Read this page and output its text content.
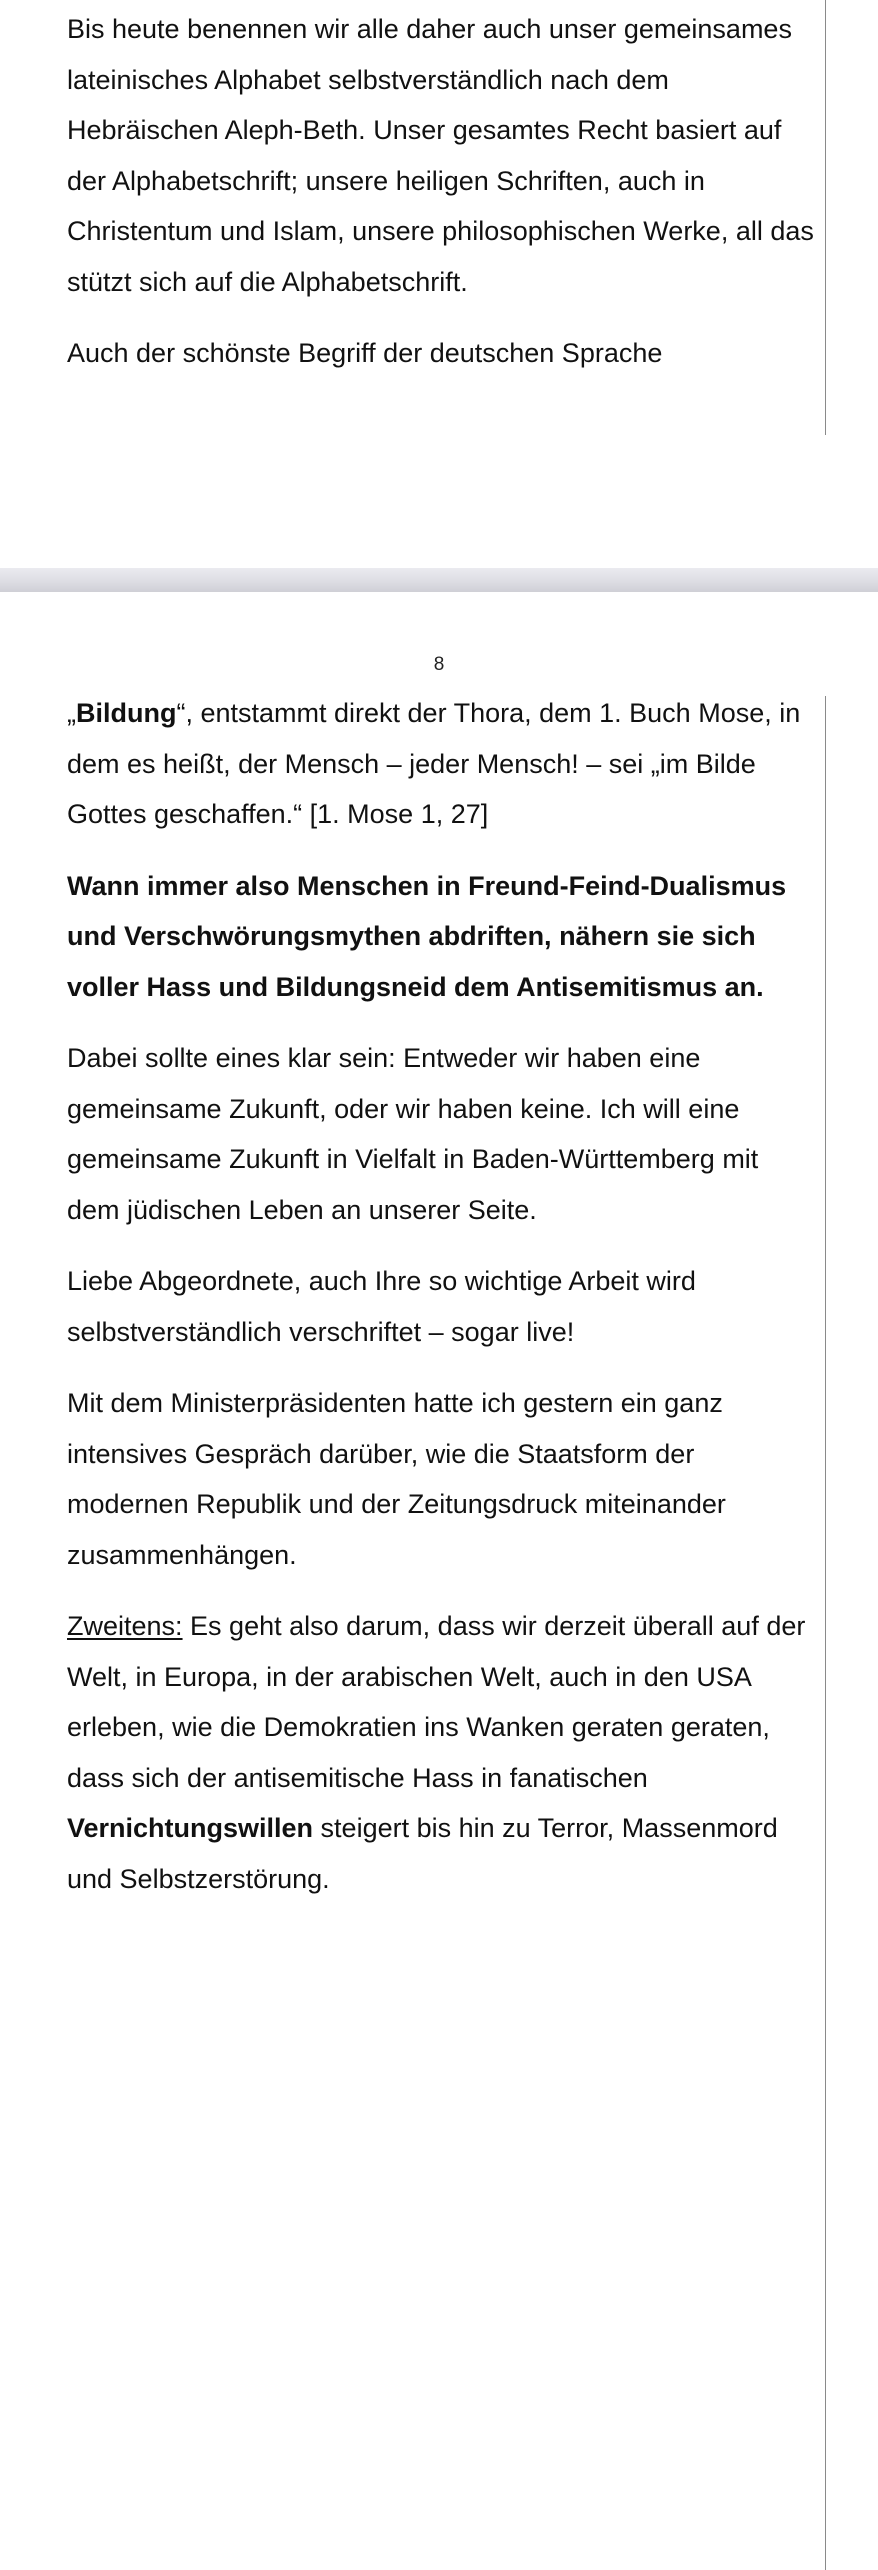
Bis heute benennen wir alle daher auch unser gemeinsames lateinisches Alphabet selbstverständlich nach dem Hebräischen Aleph-Beth. Unser gesamtes Recht basiert auf der Alphabetschrift; unsere heiligen Schriften, auch in Christentum und Islam, unsere philosophischen Werke, all das stützt sich auf die Alphabetschrift.

Auch der schönste Begriff der deutschen Sprache

8

„Bildung“, entstammt direkt der Thora, dem 1. Buch Mose, in dem es heißt, der Mensch – jeder Mensch! – sei „im Bilde Gottes geschaffen.“ [1. Mose 1, 27]

Wann immer also Menschen in Freund-Feind-Dualismus und Verschwörungsmythen abdriften, nähern sie sich voller Hass und Bildungsneid dem Antisemitismus an.

Dabei sollte eines klar sein: Entweder wir haben eine gemeinsame Zukunft, oder wir haben keine. Ich will eine gemeinsame Zukunft in Vielfalt in Baden-Württemberg mit dem jüdischen Leben an unserer Seite.

Liebe Abgeordnete, auch Ihre so wichtige Arbeit wird selbstverständlich verschriftet – sogar live!

Mit dem Ministerpräsidenten hatte ich gestern ein ganz intensives Gespräch darüber, wie die Staatsform der modernen Republik und der Zeitungsdruck miteinander zusammenhängen.

Zweitens: Es geht also darum, dass wir derzeit überall auf der Welt, in Europa, in der arabischen Welt, auch in den USA erleben, wie die Demokratien ins Wanken geraten geraten, dass sich der antisemitische Hass in fanatischen Vernichtungswillen steigert bis hin zu Terror, Massenmord und Selbstzerstörung.
